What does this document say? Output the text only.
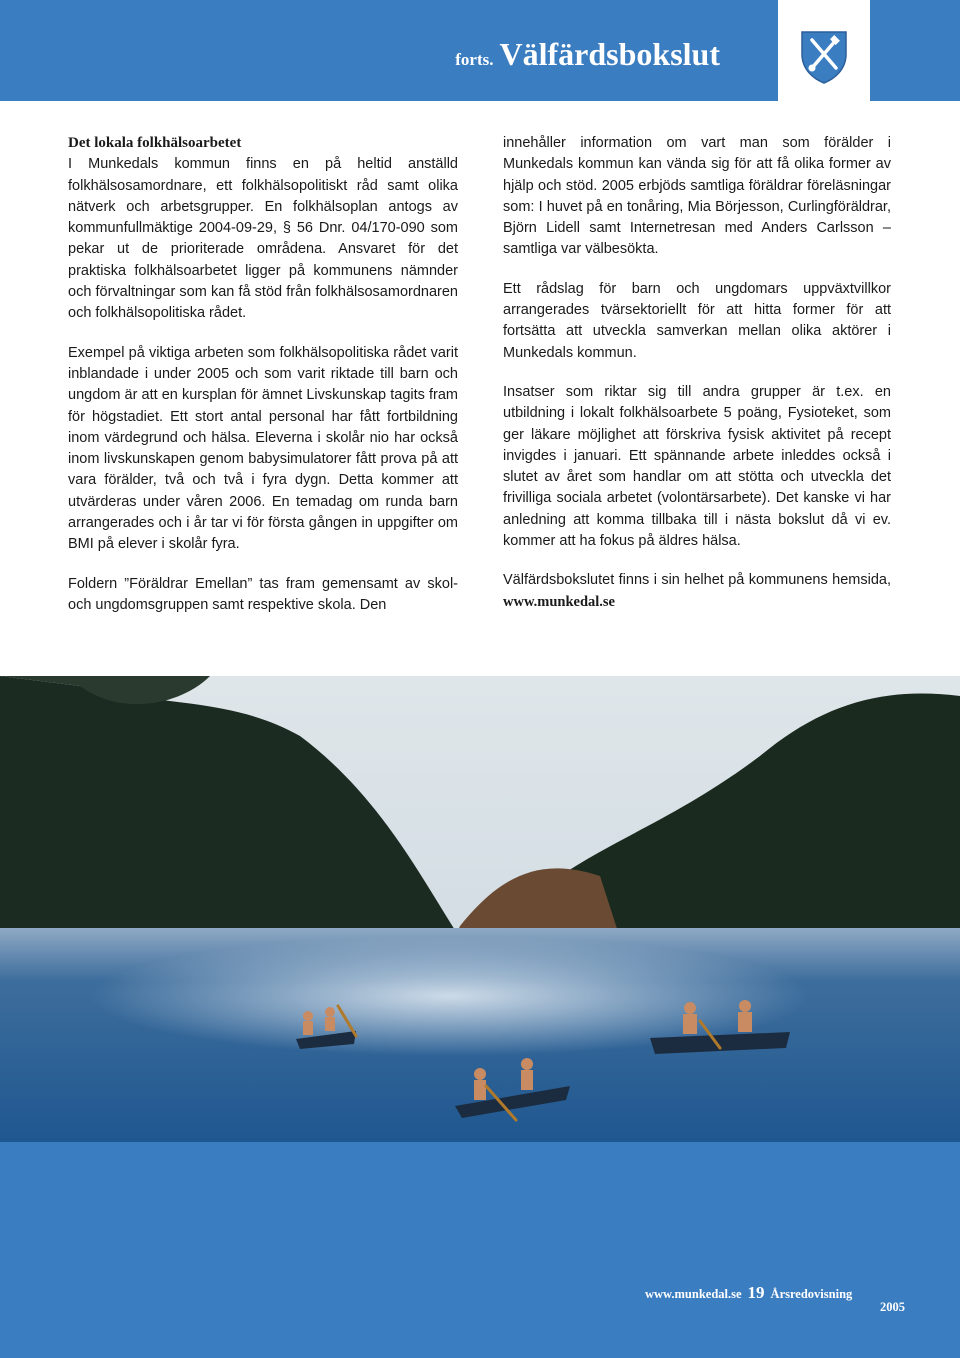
forts. Välfärdsbokslut

Det lokala folkhälsoarbetet
I Munkedals kommun finns en på heltid anställd folkhälsosamordnare, ett folkhälsopolitiskt råd samt olika nätverk och arbetsgrupper. En folkhälsoplan antogs av kommunfullmäktige 2004-09-29, § 56 Dnr. 04/170-090 som pekar ut de prioriterade områdena. Ansvaret för det praktiska folkhälsoarbetet ligger på kommunens nämnder och förvaltningar som kan få stöd från folkhälsosamordnaren och folkhälsopolitiska rådet.

Exempel på viktiga arbeten som folkhälsopolitiska rådet varit inblandade i under 2005 och som varit riktade till barn och ungdom är att en kursplan för ämnet Livskunskap tagits fram för högstadiet. Ett stort antal personal har fått fortbildning inom värdegrund och hälsa. Eleverna i skolår nio har också inom livskunskapen genom babysimulatorer fått prova på att vara förälder, två och två i fyra dygn. Detta kommer att utvärderas under våren 2006. En temadag om runda barn arrangerades och i år tar vi för första gången in uppgifter om BMI på elever i skolår fyra.

Foldern ”Föräldrar Emellan” tas fram gemensamt av skol- och ungdomsgruppen samt respektive skola. Den

innehåller information om vart man som förälder i Munkedals kommun kan vända sig för att få olika former av hjälp och stöd. 2005 erbjöds samtliga föräldrar föreläsningar som: I huvet på en tonåring, Mia Börjesson, Curlingföräldrar, Björn Lidell samt Internetresan med Anders Carlsson – samtliga var välbesökta.

Ett rådslag för barn och ungdomars uppväxtvillkor arrangerades tvärsektoriellt för att hitta former för att fortsätta att utveckla samverkan mellan olika aktörer i Munkedals kommun.

Insatser som riktar sig till andra grupper är t.ex. en utbildning i lokalt folkhälsoarbete 5 poäng, Fysioteket, som ger läkare möjlighet att förskriva fysisk aktivitet på recept invigdes i januari. Ett spännande arbete inleddes också i slutet av året som handlar om att stötta och utveckla det frivilliga sociala arbetet (volontärsarbete). Det kanske vi har anledning att komma tillbaka till i nästa bokslut då vi ev. kommer att ha fokus på äldres hälsa.

Välfärdsbokslutet finns i sin helhet på kommunens hemsida, www.munkedal.se

www.munkedal.se 19 Årsredovisning
2005
